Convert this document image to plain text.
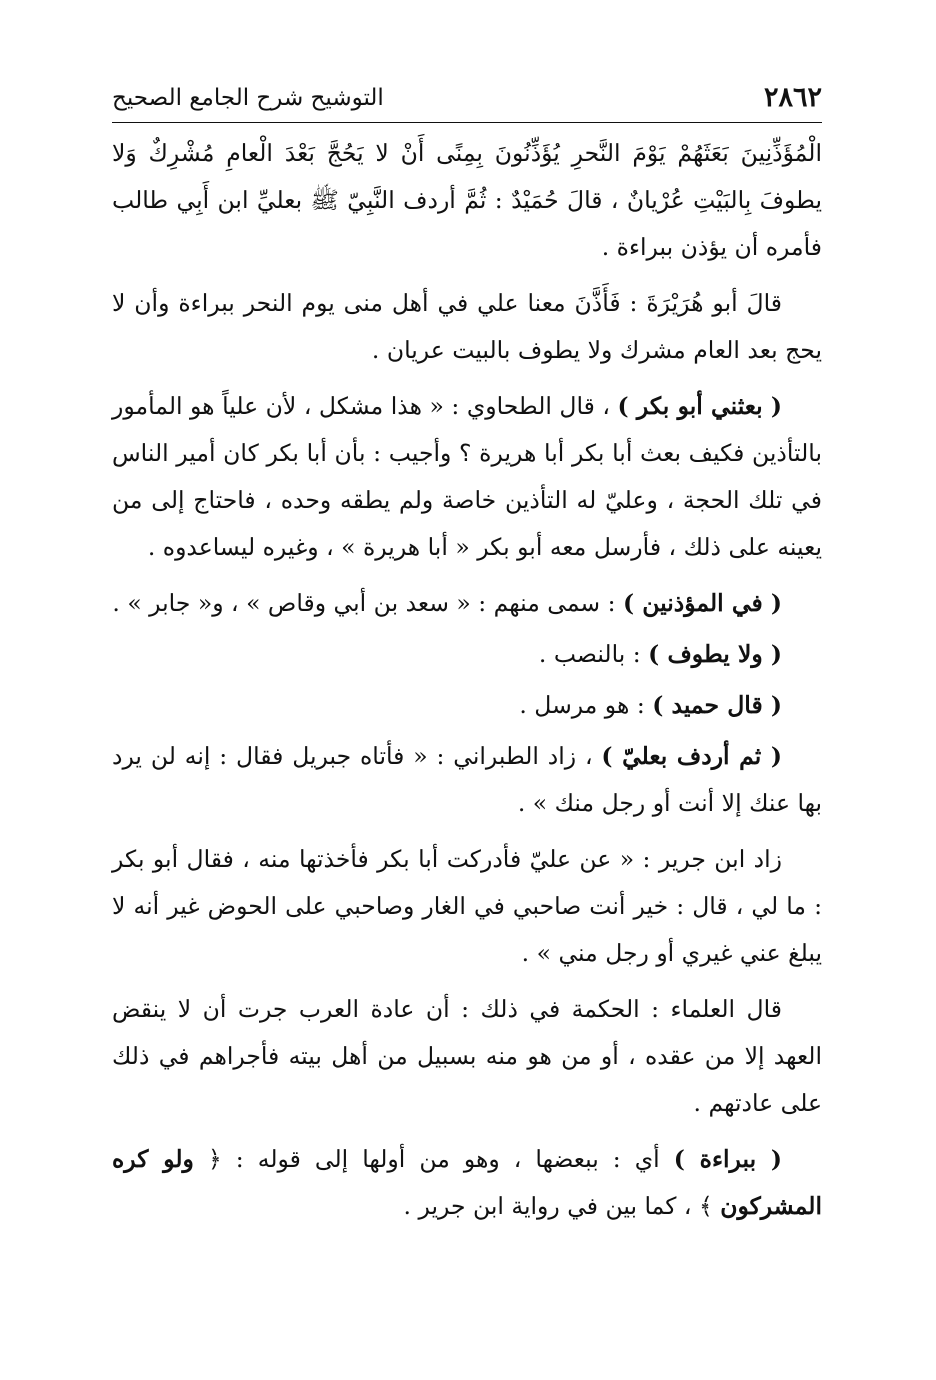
٢٨٦٢
التوشيح شرح الجامع الصحيح

الْمُؤَذِّنِينَ بَعَثَهُمْ يَوْمَ النَّحرِ يُؤَذِّنُونَ بِمِنًى أَنْ لا يَحُجَّ بَعْدَ الْعامِ مُشْرِكٌ وَلا يطوفَ بِالبَيْتِ عُرْيانٌ ، قالَ حُمَيْدٌ : ثُمَّ أردف النَّبِيّ ﷺ بعليِّ ابن أَبِي طالب فأمره أن يؤذن ببراءة .

قالَ أبو هُرَيْرَةَ : فَأَذَّنَ معنا علي في أهل منى يوم النحر ببراءة وأن لا يحج بعد العام مشرك ولا يطوف بالبيت عريان .

( بعثني أبو بكر ) ، قال الطحاوي : « هذا مشكل ، لأن علياً هو المأمور بالتأذين فكيف بعث أبا بكر أبا هريرة ؟ وأجيب : بأن أبا بكر كان أمير الناس في تلك الحجة ، وعليّ له التأذين خاصة ولم يطقه وحده ، فاحتاج إلى من يعينه على ذلك ، فأرسل معه أبو بكر « أبا هريرة » ، وغيره ليساعدوه .

( في المؤذنين ) : سمى منهم : « سعد بن أبي وقاص » ، و« جابر » .

( ولا يطوف ) : بالنصب .

( قال حميد ) : هو مرسل .

( ثم أردف بعليّ ) ، زاد الطبراني : « فأتاه جبريل فقال : إنه لن يرد بها عنك إلا أنت أو رجل منك » .

زاد ابن جرير : « عن عليّ فأدركت أبا بكر فأخذتها منه ، فقال أبو بكر : ما لي ، قال : خير أنت صاحبي في الغار وصاحبي على الحوض غير أنه لا يبلغ عني غيري أو رجل مني » .

قال العلماء : الحكمة في ذلك : أن عادة العرب جرت أن لا ينقض العهد إلا من عقده ، أو من هو منه بسبيل من أهل بيته فأجراهم في ذلك على عادتهم .

( ببراءة ) أي : ببعضها ، وهو من أولها إلى قوله : ﴿ ولو كره المشركون ﴾ ، كما بين في رواية ابن جرير .
